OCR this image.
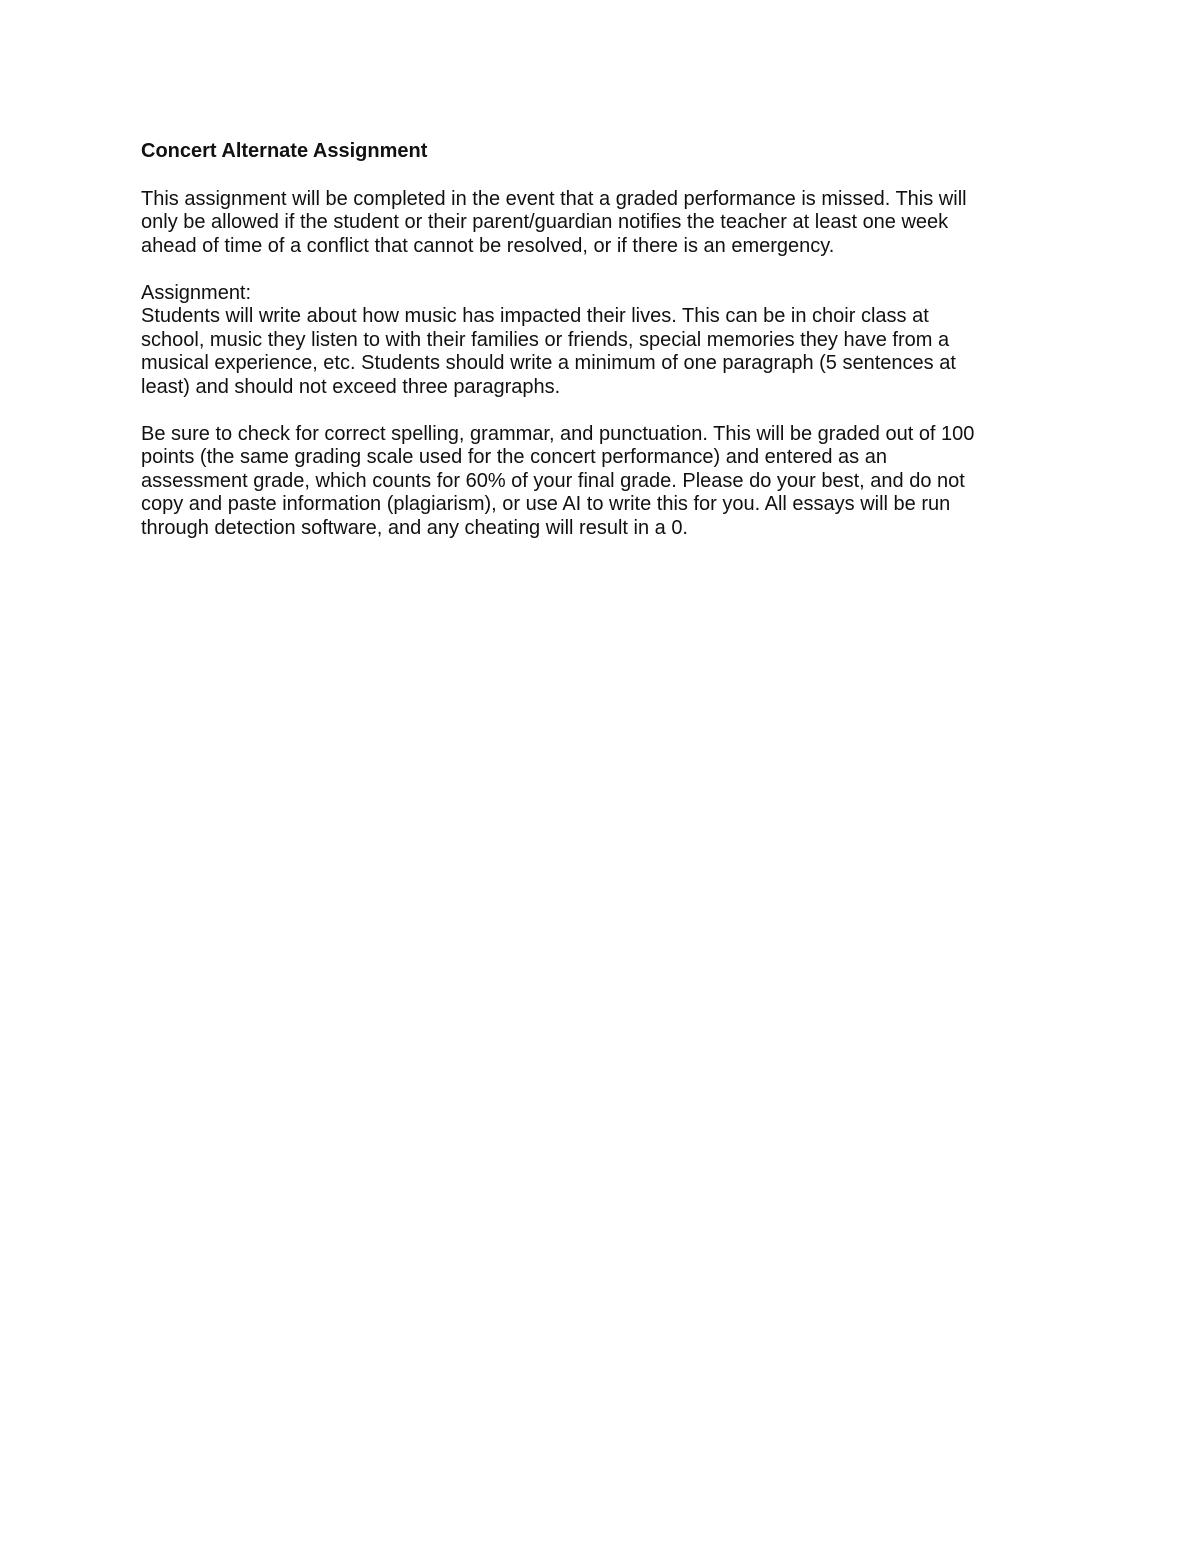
Concert Alternate Assignment
This assignment will be completed in the event that a graded performance is missed. This will
only be allowed if the student or their parent/guardian notifies the teacher at least one week
ahead of time of a conflict that cannot be resolved, or if there is an emergency.
Assignment:
Students will write about how music has impacted their lives. This can be in choir class at
school, music they listen to with their families or friends, special memories they have from a
musical experience, etc. Students should write a minimum of one paragraph (5 sentences at
least) and should not exceed three paragraphs.
Be sure to check for correct spelling, grammar, and punctuation. This will be graded out of 100
points (the same grading scale used for the concert performance) and entered as an
assessment grade, which counts for 60% of your final grade. Please do your best, and do not
copy and paste information (plagiarism), or use AI to write this for you. All essays will be run
through detection software, and any cheating will result in a 0.
